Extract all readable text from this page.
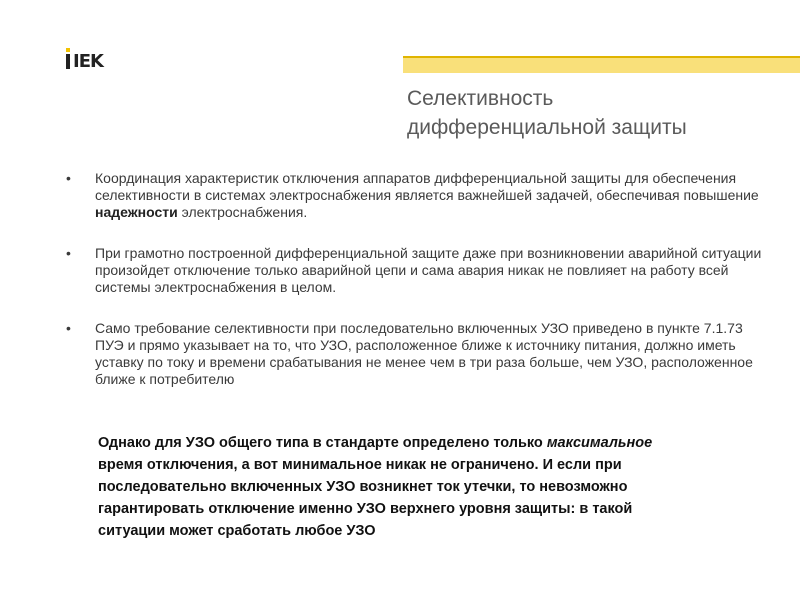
IEK
Селективность
дифференциальной защиты
• Координация характеристик отключения аппаратов дифференциальной защиты для обеспечения селективности в системах электроснабжения является важнейшей задачей, обеспечивая повышение надежности электроснабжения.
• При грамотно построенной дифференциальной защите даже при возникновении аварийной ситуации произойдет отключение только аварийной цепи и сама авария никак не повлияет на работу всей системы электроснабжения в целом.
• Само требование селективности при последовательно включенных УЗО приведено в пункте 7.1.73 ПУЭ и прямо указывает на то, что УЗО, расположенное ближе к источнику питания, должно иметь уставку по току и времени срабатывания не менее чем в три раза больше, чем УЗО, расположенное ближе к потребителю
Однако для УЗО общего типа в стандарте определено только максимальное время отключения, а вот минимальное никак не ограничено. И если при последовательно включенных УЗО возникнет ток утечки, то невозможно гарантировать отключение именно УЗО верхнего уровня защиты: в такой ситуации может сработать любое УЗО
